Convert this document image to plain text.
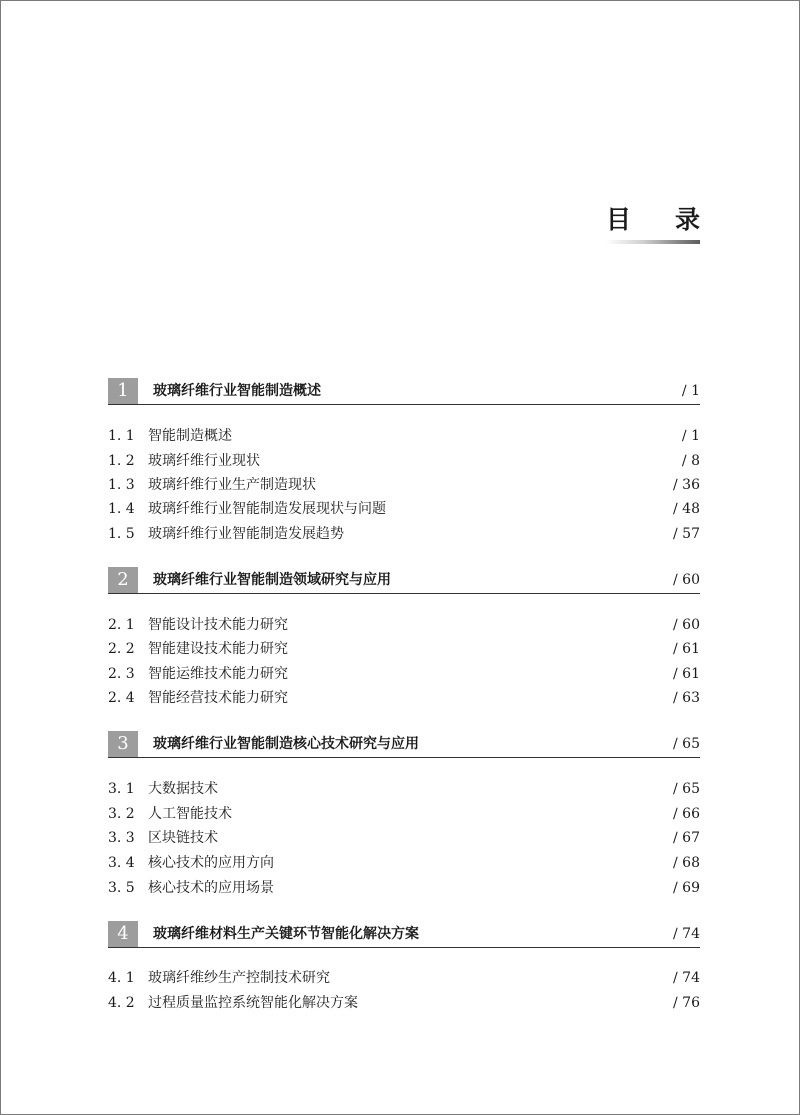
目 录
1	玻璃纤维行业智能制造概述	∕ 1
1. 1 智能制造概述	∕ 1
1. 2 玻璃纤维行业现状	∕ 8
1. 3 玻璃纤维行业生产制造现状	∕ 36
1. 4 玻璃纤维行业智能制造发展现状与问题	∕ 48
1. 5 玻璃纤维行业智能制造发展趋势	∕ 57
2	玻璃纤维行业智能制造领域研究与应用	∕ 60
2. 1 智能设计技术能力研究	∕ 60
2. 2 智能建设技术能力研究	∕ 61
2. 3 智能运维技术能力研究	∕ 61
2. 4 智能经营技术能力研究	∕ 63
3	玻璃纤维行业智能制造核心技术研究与应用	∕ 65
3. 1 大数据技术	∕ 65
3. 2 人工智能技术	∕ 66
3. 3 区块链技术	∕ 67
3. 4 核心技术的应用方向	∕ 68
3. 5 核心技术的应用场景	∕ 69
4	玻璃纤维材料生产关键环节智能化解决方案	∕ 74
4. 1 玻璃纤维纱生产控制技术研究	∕ 74
4. 2 过程质量监控系统智能化解决方案	∕ 76
